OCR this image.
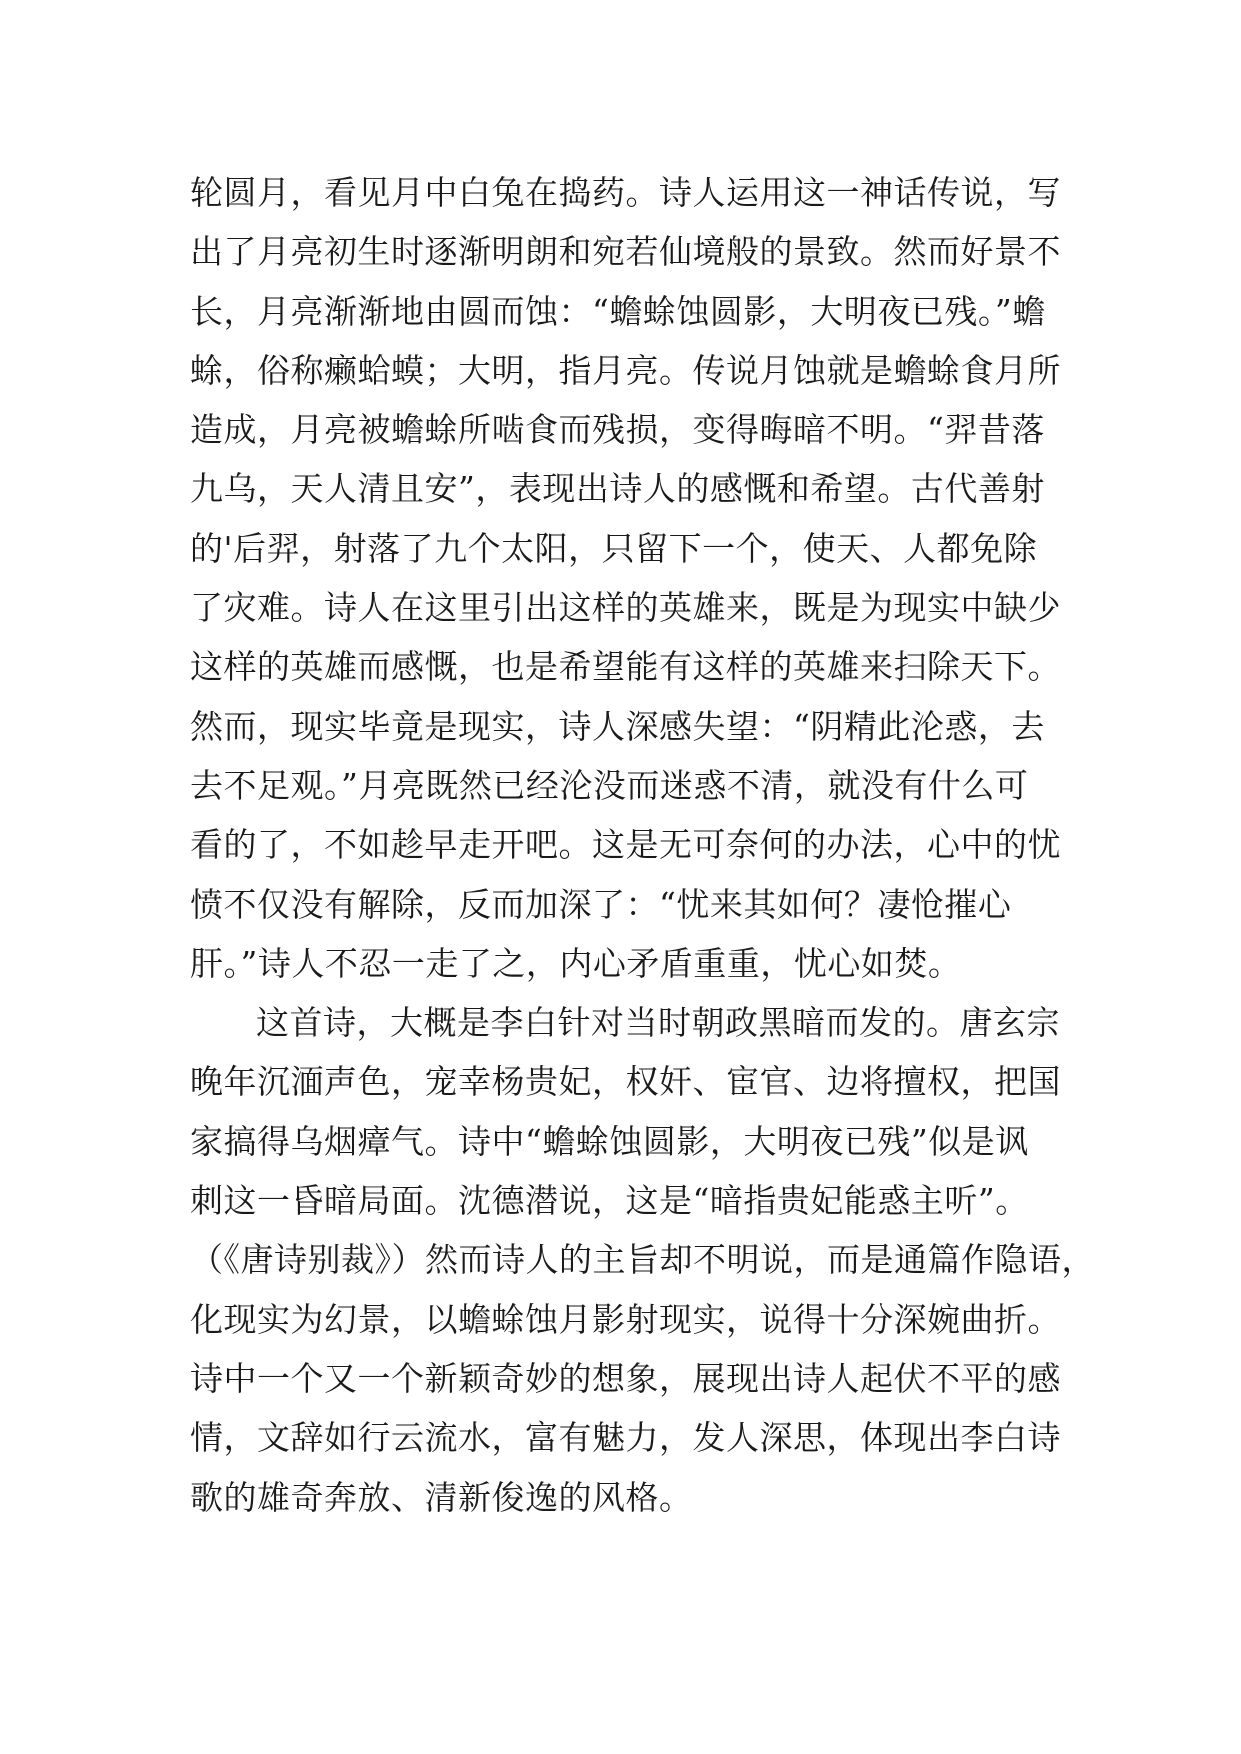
轮圆月，看见月中白兔在捣药。诗人运用这一神话传说，写
出了月亮初生时逐渐明朗和宛若仙境般的景致。然而好景不
长，月亮渐渐地由圆而蚀：“蟾蜍蚀圆影，大明夜已残。”蟾
蜍，俗称癞蛤蟆；大明，指月亮。传说月蚀就是蟾蜍食月所
造成，月亮被蟾蜍所啮食而残损，变得晦暗不明。“羿昔落
九乌，天人清且安”，表现出诗人的感慨和希望。古代善射
的'后羿，射落了九个太阳，只留下一个，使天、人都免除
了灾难。诗人在这里引出这样的英雄来，既是为现实中缺少
这样的英雄而感慨，也是希望能有这样的英雄来扫除天下。
然而，现实毕竟是现实，诗人深感失望：“阴精此沦惑，去
去不足观。”月亮既然已经沦没而迷惑不清，就没有什么可
看的了，不如趁早走开吧。这是无可奈何的办法，心中的忧
愤不仅没有解除，反而加深了：“忧来其如何？凄怆摧心
肝。”诗人不忍一走了之，内心矛盾重重，忧心如焚。
这首诗，大概是李白针对当时朝政黑暗而发的。唐玄宗
晚年沉湎声色，宠幸杨贵妃，权奸、宦官、边将擅权，把国
家搞得乌烟瘴气。诗中“蟾蜍蚀圆影，大明夜已残”似是讽
刺这一昏暗局面。沈德潜说，这是“暗指贵妃能惑主听”。
（《唐诗别裁》）然而诗人的主旨却不明说，而是通篇作隐语，
化现实为幻景，以蟾蜍蚀月影射现实，说得十分深婉曲折。
诗中一个又一个新颖奇妙的想象，展现出诗人起伏不平的感
情，文辞如行云流水，富有魅力，发人深思，体现出李白诗
歌的雄奇奔放、清新俊逸的风格。
